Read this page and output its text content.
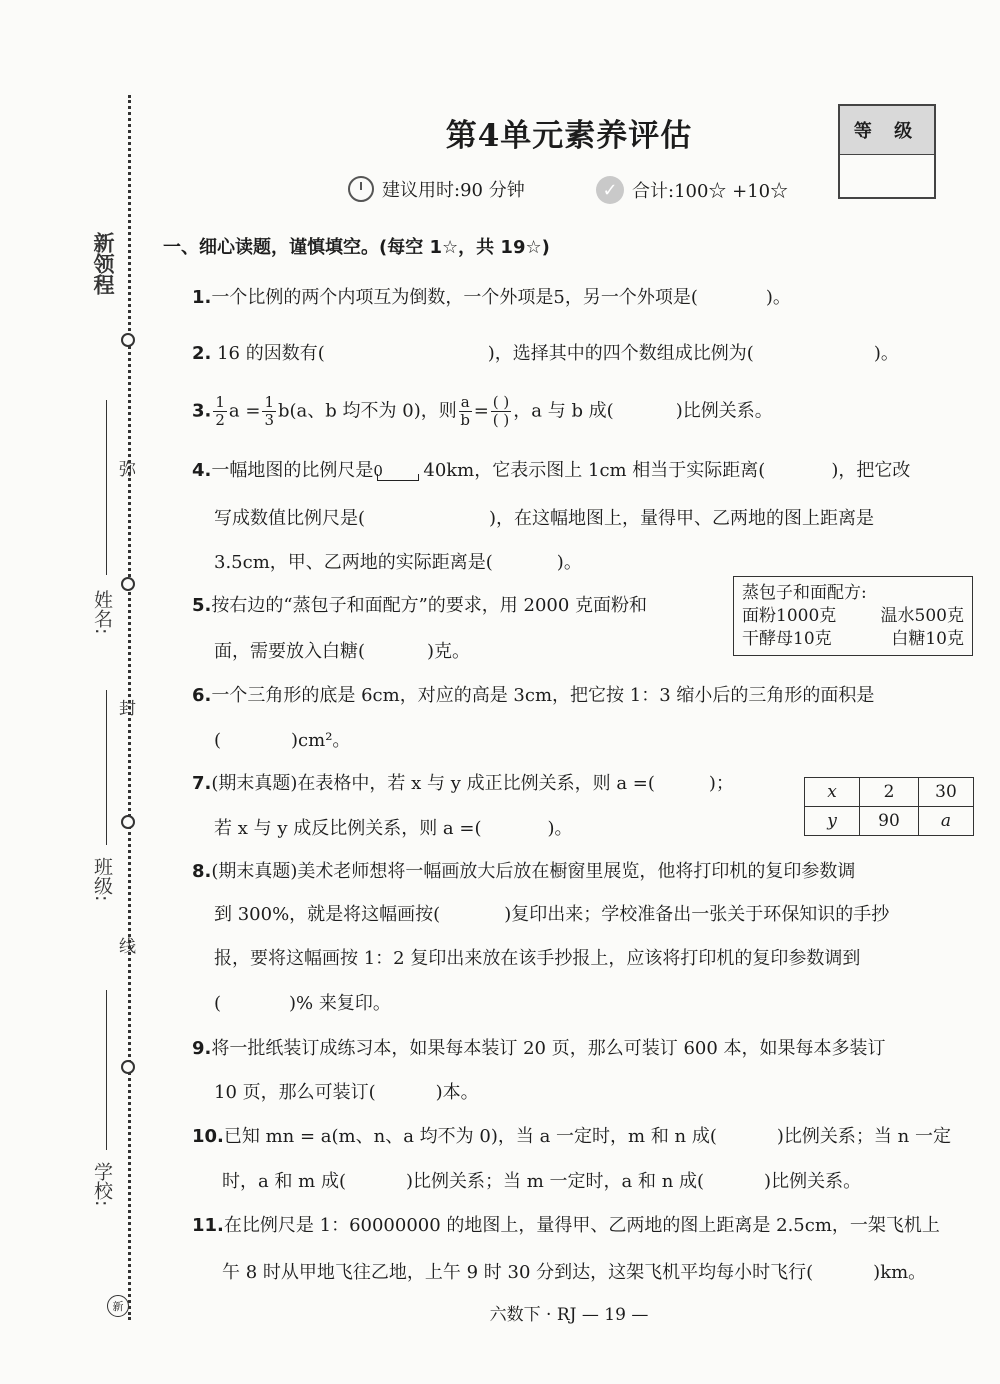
新领程
弥
封
线
姓名:
班级:
学校:
新
第4单元素养评估	等 级
建议用时:90 分钟	✓ 合计:100☆ +10☆
一、细心读题，谨慎填空。(每空 1☆，共 19☆)
1.一个比例的两个内项互为倒数，一个外项是5，另一个外项是(	)。
2. 16 的因数有(	)，选择其中的四个数组成比例为(	)。
3. $\frac{1}{2}$ $a = \frac{1}{3} b(a$、b 均不为 0)，则 $\frac{a}{b} = \frac{( )}{( )}$ ，a 与 b 成(	)比例关系。
4.一幅地图的比例尺是 0 40km，它表示图上 1cm 相当于实际距离(	)，把它改
写成数值比例尺是(	)，在这幅地图上，量得甲、乙两地的图上距离是
3.5cm，甲、乙两地的实际距离是(	)。
5.按右边的“蒸包子和面配方”的要求，用 2000 克面粉和
面，需要放入白糖(	)克。
蒸包子和面配方:
面粉1000克	温水500克
干酵母10克	白糖10克
6.一个三角形的底是 6cm，对应的高是 3cm，把它按 1：3 缩小后的三角形的面积是
(	)cm²。
7.(期末真题)在表格中，若 x 与 y 成正比例关系，则 a =(	)；
若 x 与 y 成反比例关系，则 a =(	)。
x	2	30
y	90	a
8.(期末真题)美术老师想将一幅画放大后放在橱窗里展览，他将打印机的复印参数调
到 300%，就是将这幅画按(	)复印出来；学校准备出一张关于环保知识的手抄
报，要将这幅画按 1：2 复印出来放在该手抄报上，应该将打印机的复印参数调到
(	)% 来复印。
9.将一批纸装订成练习本，如果每本装订 20 页，那么可装订 600 本，如果每本多装订
10 页，那么可装订(	)本。
10.已知 mn = a(m、n、a 均不为 0)，当 a 一定时，m 和 n 成(	)比例关系；当 n 一定
时，a 和 m 成(	)比例关系；当 m 一定时，a 和 n 成(	)比例关系。
11.在比例尺是 1：60000000 的地图上，量得甲、乙两地的图上距离是 2.5cm，一架飞机上
午 8 时从甲地飞往乙地，上午 9 时 30 分到达，这架飞机平均每小时飞行(	)km。
六数下 · RJ — 19 —
